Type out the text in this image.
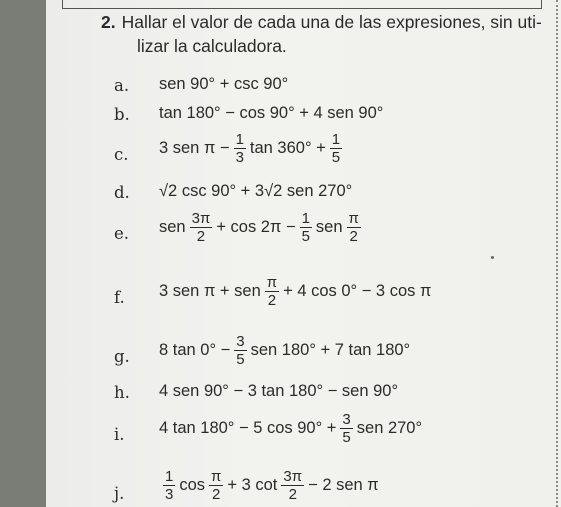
2. Hallar el valor de cada una de las expresiones, sin uti-
lizar la calculadora.
a.	sen 90° + csc 90°
b.	tan 180° − cos 90° + 4 sen 90°
c.	3 sen $\pi - \frac{1}{3}$ $\tan 360^\circ + \frac{1}{5}$
d.	√2 csc 90° + 3√2 sen 270°
e.	sen $\frac{3\pi}{2} + \cos 2\pi - \frac{1}{5}$ sen $\frac{\pi}{2}$
f.	3 sen π + sen $\frac{\pi}{2} + 4$ cos 0° − 3 cos π
g.	8 $\tan 0^\circ - \frac{3}{5}$ sen 180° + 7 tan 180°
h.	4 sen 90° − 3 tan 180° − sen 90°
i.	4 tan 180° − 5 $\cos 90^\circ + \frac{3}{5}$ sen 270°
j.	$\frac{1}{3}$ $\cos \frac{\pi}{2} + 3$ $\cot \frac{3\pi}{2} - 2$ sen π
